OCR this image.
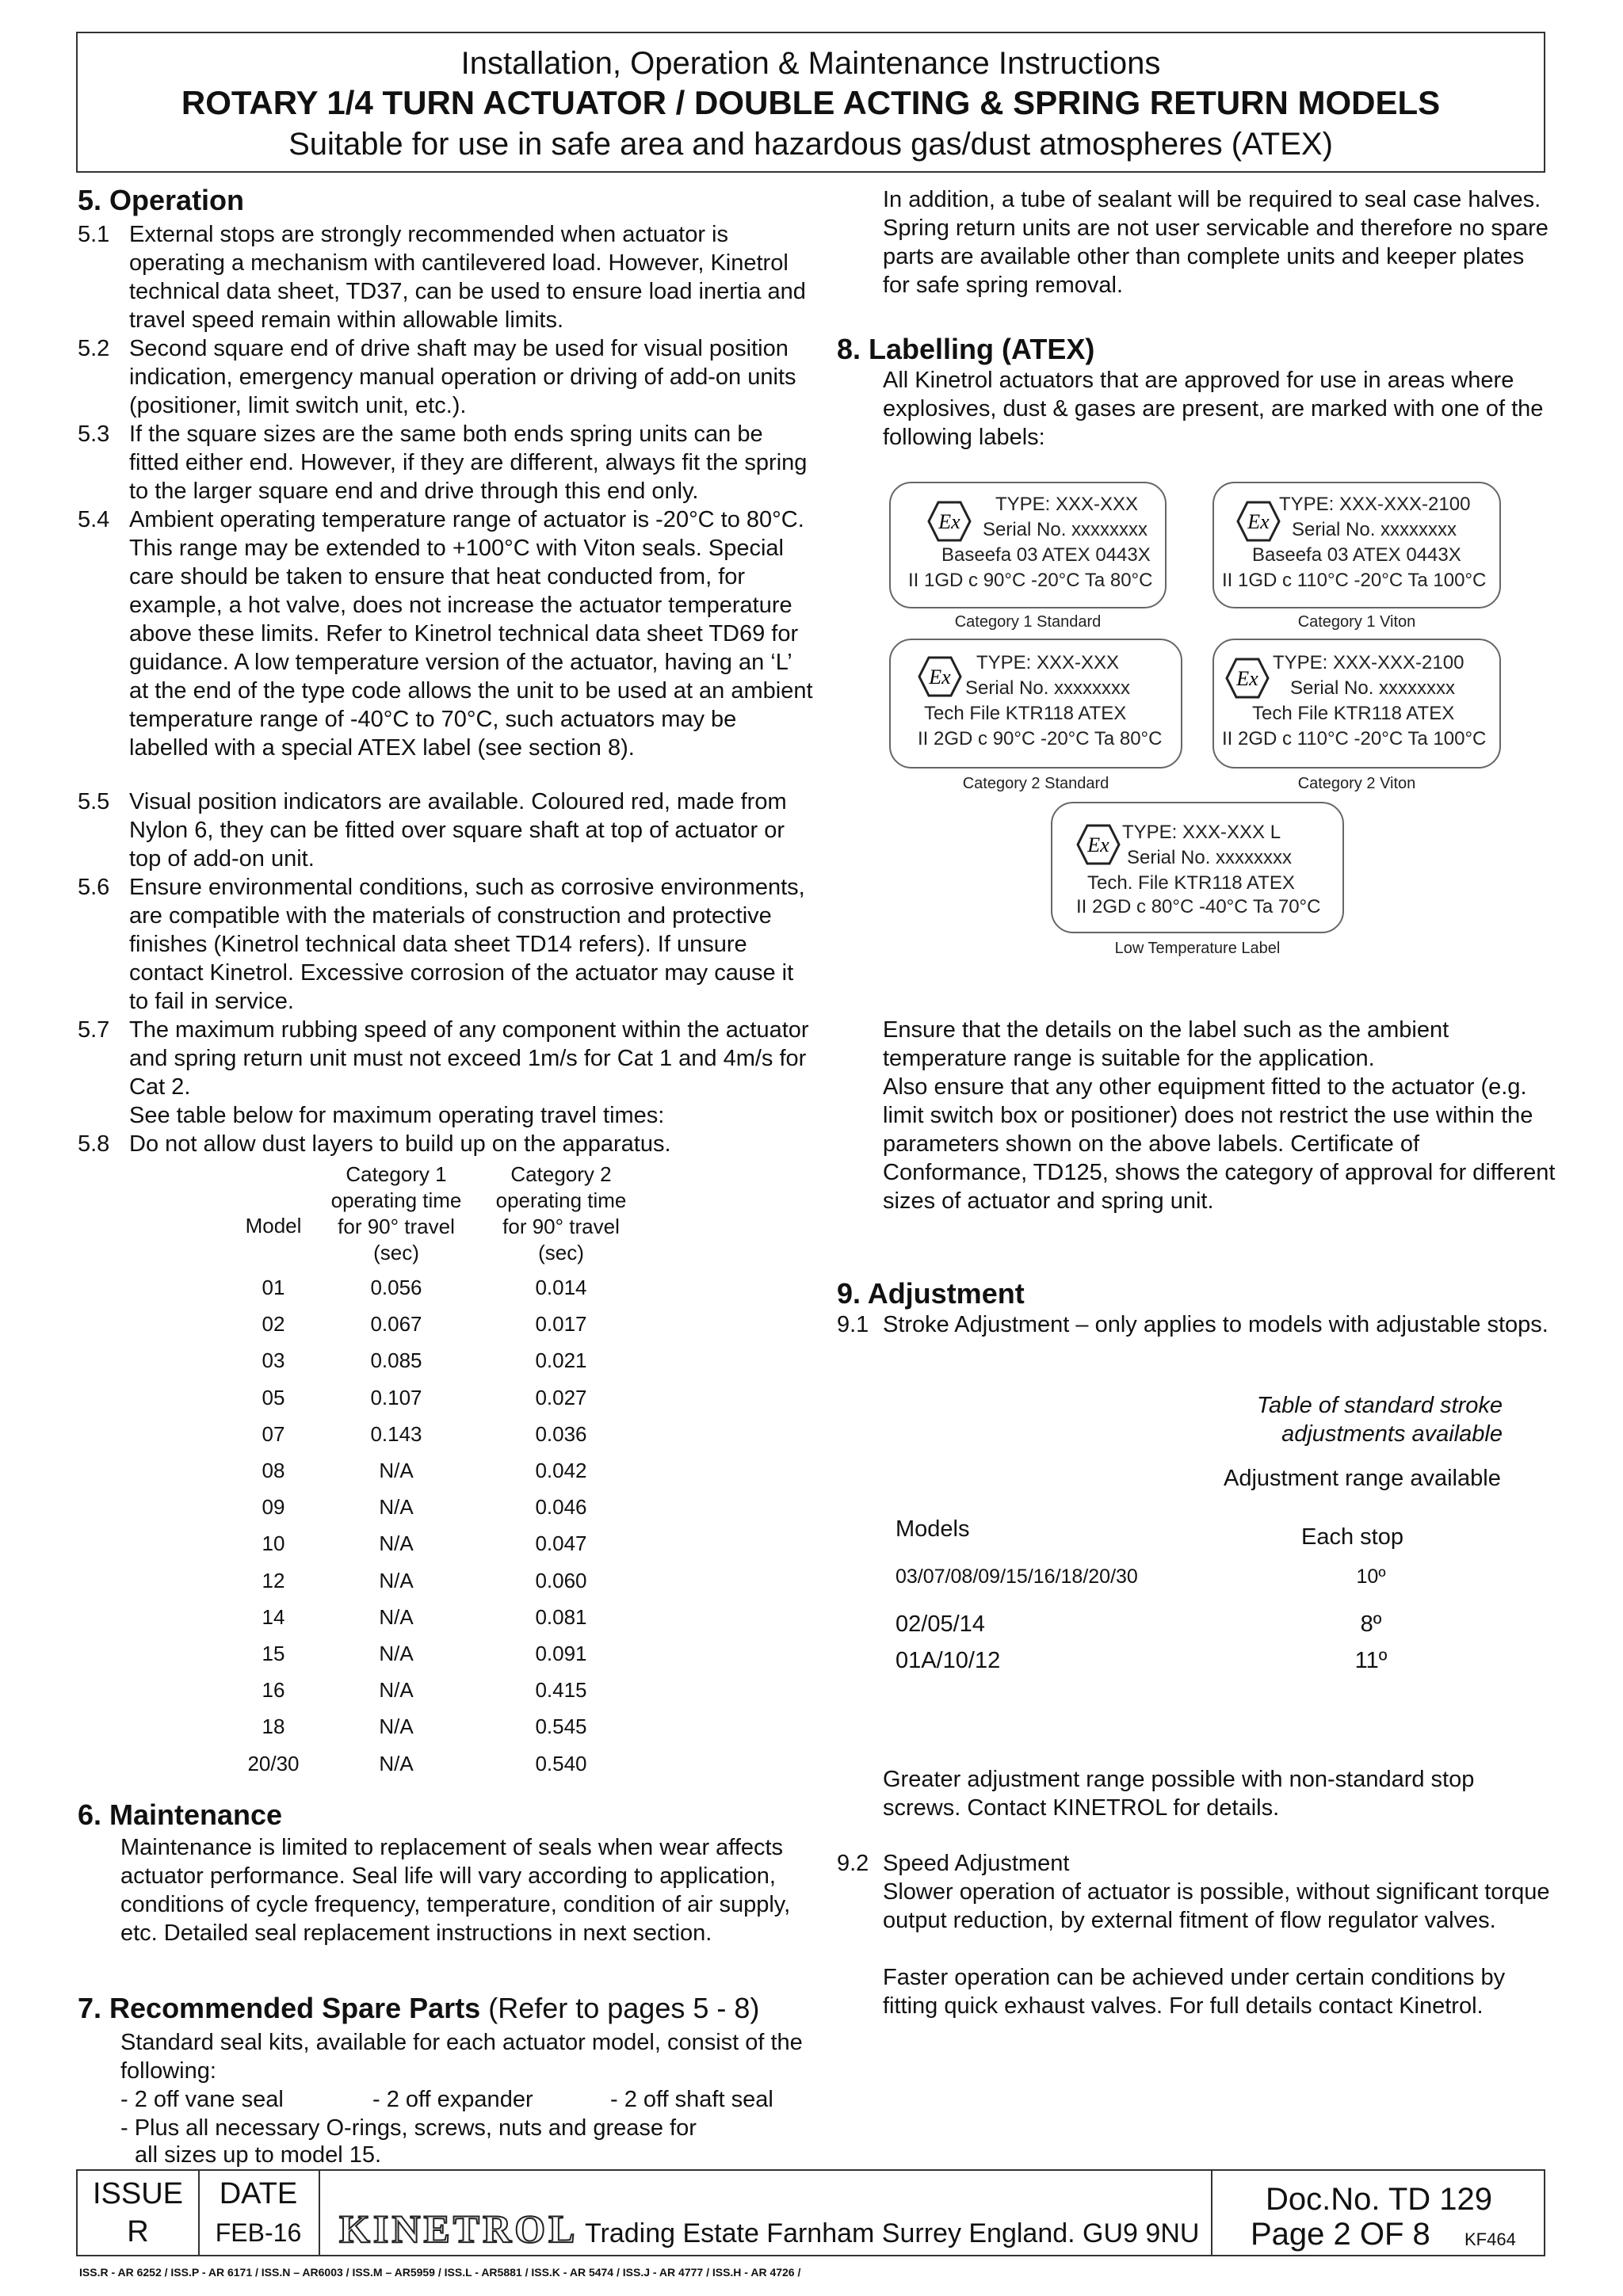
Installation, Operation & Maintenance Instructions
ROTARY 1/4 TURN ACTUATOR / DOUBLE ACTING & SPRING RETURN MODELS
Suitable for use in safe area and hazardous gas/dust atmospheres (ATEX)
5. Operation
5.1 External stops are strongly recommended when actuator is operating a mechanism with cantilevered load. However, Kinetrol technical data sheet, TD37, can be used to ensure load inertia and travel speed remain within allowable limits.
5.2 Second square end of drive shaft may be used for visual position indication, emergency manual operation or driving of add-on units (positioner, limit switch unit, etc.).
5.3 If the square sizes are the same both ends spring units can be fitted either end. However, if they are different, always fit the spring to the larger square end and drive through this end only.
5.4 Ambient operating temperature range of actuator is -20°C to 80°C. This range may be extended to +100°C with Viton seals. Special care should be taken to ensure that heat conducted from, for example, a hot valve, does not increase the actuator temperature above these limits. Refer to Kinetrol technical data sheet TD69 for guidance. A low temperature version of the actuator, having an ‘L’ at the end of the type code allows the unit to be used at an ambient temperature range of -40°C to 70°C, such actuators may be labelled with a special ATEX label (see section 8).
5.5 Visual position indicators are available. Coloured red, made from Nylon 6, they can be fitted over square shaft at top of actuator or top of add-on unit.
5.6 Ensure environmental conditions, such as corrosive environments, are compatible with the materials of construction and protective finishes (Kinetrol technical data sheet TD14 refers). If unsure contact Kinetrol. Excessive corrosion of the actuator may cause it to fail in service.
5.7 The maximum rubbing speed of any component within the actuator and spring return unit must not exceed 1m/s for Cat 1 and 4m/s for Cat 2.
See table below for maximum operating travel times:
5.8 Do not allow dust layers to build up on the apparatus.
Model
Category 1
operating time
for 90° travel
(sec)
Category 2
operating time
for 90° travel
(sec)
01	0.056	0.014
02	0.067	0.017
03	0.085	0.021
05	0.107	0.027
07	0.143	0.036
08	N/A	0.042
09	N/A	0.046
10	N/A	0.047
12	N/A	0.060
14	N/A	0.081
15	N/A	0.091
16	N/A	0.415
18	N/A	0.545
20/30	N/A	0.540
6. Maintenance
Maintenance is limited to replacement of seals when wear affects actuator performance. Seal life will vary according to application, conditions of cycle frequency, temperature, condition of air supply, etc. Detailed seal replacement instructions in next section.
7. Recommended Spare Parts (Refer to pages 5 - 8)
Standard seal kits, available for each actuator model, consist of the following:
- 2 off vane seal	- 2 off expander	- 2 off shaft seal
- Plus all necessary O-rings, screws, nuts and grease for
all sizes up to model 15.
In addition, a tube of sealant will be required to seal case halves. Spring return units are not user servicable and therefore no spare parts are available other than complete units and keeper plates for safe spring removal.
8. Labelling (ATEX)
All Kinetrol actuators that are approved for use in areas where explosives, dust & gases are present, are marked with one of the following labels:
Ex
TYPE: XXX-XXX
Serial No. xxxxxxxx
Baseefa 03 ATEX 0443X
II 1GD c 90°C -20°C Ta 80°C
Category 1 Standard
Ex
TYPE: XXX-XXX-2100
Serial No. xxxxxxxx
Baseefa 03 ATEX 0443X
II 1GD c 110°C -20°C Ta 100°C
Category 1 Viton
Ex
TYPE: XXX-XXX
Serial No. xxxxxxxx
Tech File KTR118 ATEX
II 2GD c 90°C -20°C Ta 80°C
Category 2 Standard
Ex
TYPE: XXX-XXX-2100
Serial No. xxxxxxxx
Tech File KTR118 ATEX
II 2GD c 110°C -20°C Ta 100°C
Category 2 Viton
Ex
TYPE: XXX-XXX L
Serial No. xxxxxxxx
Tech. File KTR118 ATEX
II 2GD c 80°C -40°C Ta 70°C
Low Temperature Label
Ensure that the details on the label such as the ambient temperature range is suitable for the application.
Also ensure that any other equipment fitted to the actuator (e.g. limit switch box or positioner) does not restrict the use within the parameters shown on the above labels. Certificate of Conformance, TD125, shows the category of approval for different sizes of actuator and spring unit.
9. Adjustment
9.1 Stroke Adjustment – only applies to models with adjustable stops.
Table of standard stroke
adjustments available
Adjustment range available
Models	Each stop
03/07/08/09/15/16/18/20/30	10º
02/05/14	8º
01A/10/12	11º
Greater adjustment range possible with non-standard stop screws. Contact KINETROL for details.
9.2 Speed Adjustment
Slower operation of actuator is possible, without significant torque output reduction, by external fitment of flow regulator valves.
Faster operation can be achieved under certain conditions by fitting quick exhaust valves. For full details contact Kinetrol.
ISSUE
R
DATE
FEB-16 KINETROL Trading Estate Farnham Surrey England. GU9 9NU
Doc.No. TD 129
Page 2 OF 8 KF464
ISS.R - AR 6252 / ISS.P - AR 6171 / ISS.N – AR6003 / ISS.M – AR5959 / ISS.L - AR5881 / ISS.K - AR 5474 / ISS.J - AR 4777 / ISS.H - AR 4726 /
